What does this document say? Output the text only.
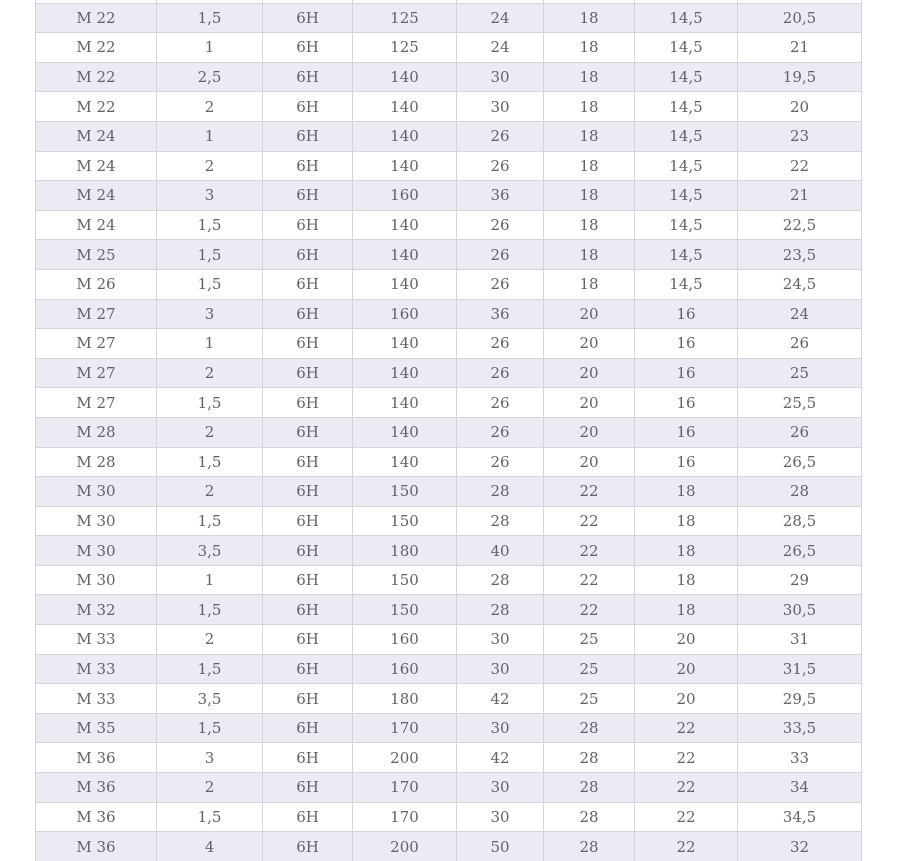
M 22	1,5	6H	125	24	18	14,5	20,5
M 22	1	6H	125	24	18	14,5	21
M 22	2,5	6H	140	30	18	14,5	19,5
M 22	2	6H	140	30	18	14,5	20
M 24	1	6H	140	26	18	14,5	23
M 24	2	6H	140	26	18	14,5	22
M 24	3	6H	160	36	18	14,5	21
M 24	1,5	6H	140	26	18	14,5	22,5
M 25	1,5	6H	140	26	18	14,5	23,5
M 26	1,5	6H	140	26	18	14,5	24,5
M 27	3	6H	160	36	20	16	24
M 27	1	6H	140	26	20	16	26
M 27	2	6H	140	26	20	16	25
M 27	1,5	6H	140	26	20	16	25,5
M 28	2	6H	140	26	20	16	26
M 28	1,5	6H	140	26	20	16	26,5
M 30	2	6H	150	28	22	18	28
M 30	1,5	6H	150	28	22	18	28,5
M 30	3,5	6H	180	40	22	18	26,5
M 30	1	6H	150	28	22	18	29
M 32	1,5	6H	150	28	22	18	30,5
M 33	2	6H	160	30	25	20	31
M 33	1,5	6H	160	30	25	20	31,5
M 33	3,5	6H	180	42	25	20	29,5
M 35	1,5	6H	170	30	28	22	33,5
M 36	3	6H	200	42	28	22	33
M 36	2	6H	170	30	28	22	34
M 36	1,5	6H	170	30	28	22	34,5
M 36	4	6H	200	50	28	22	32
